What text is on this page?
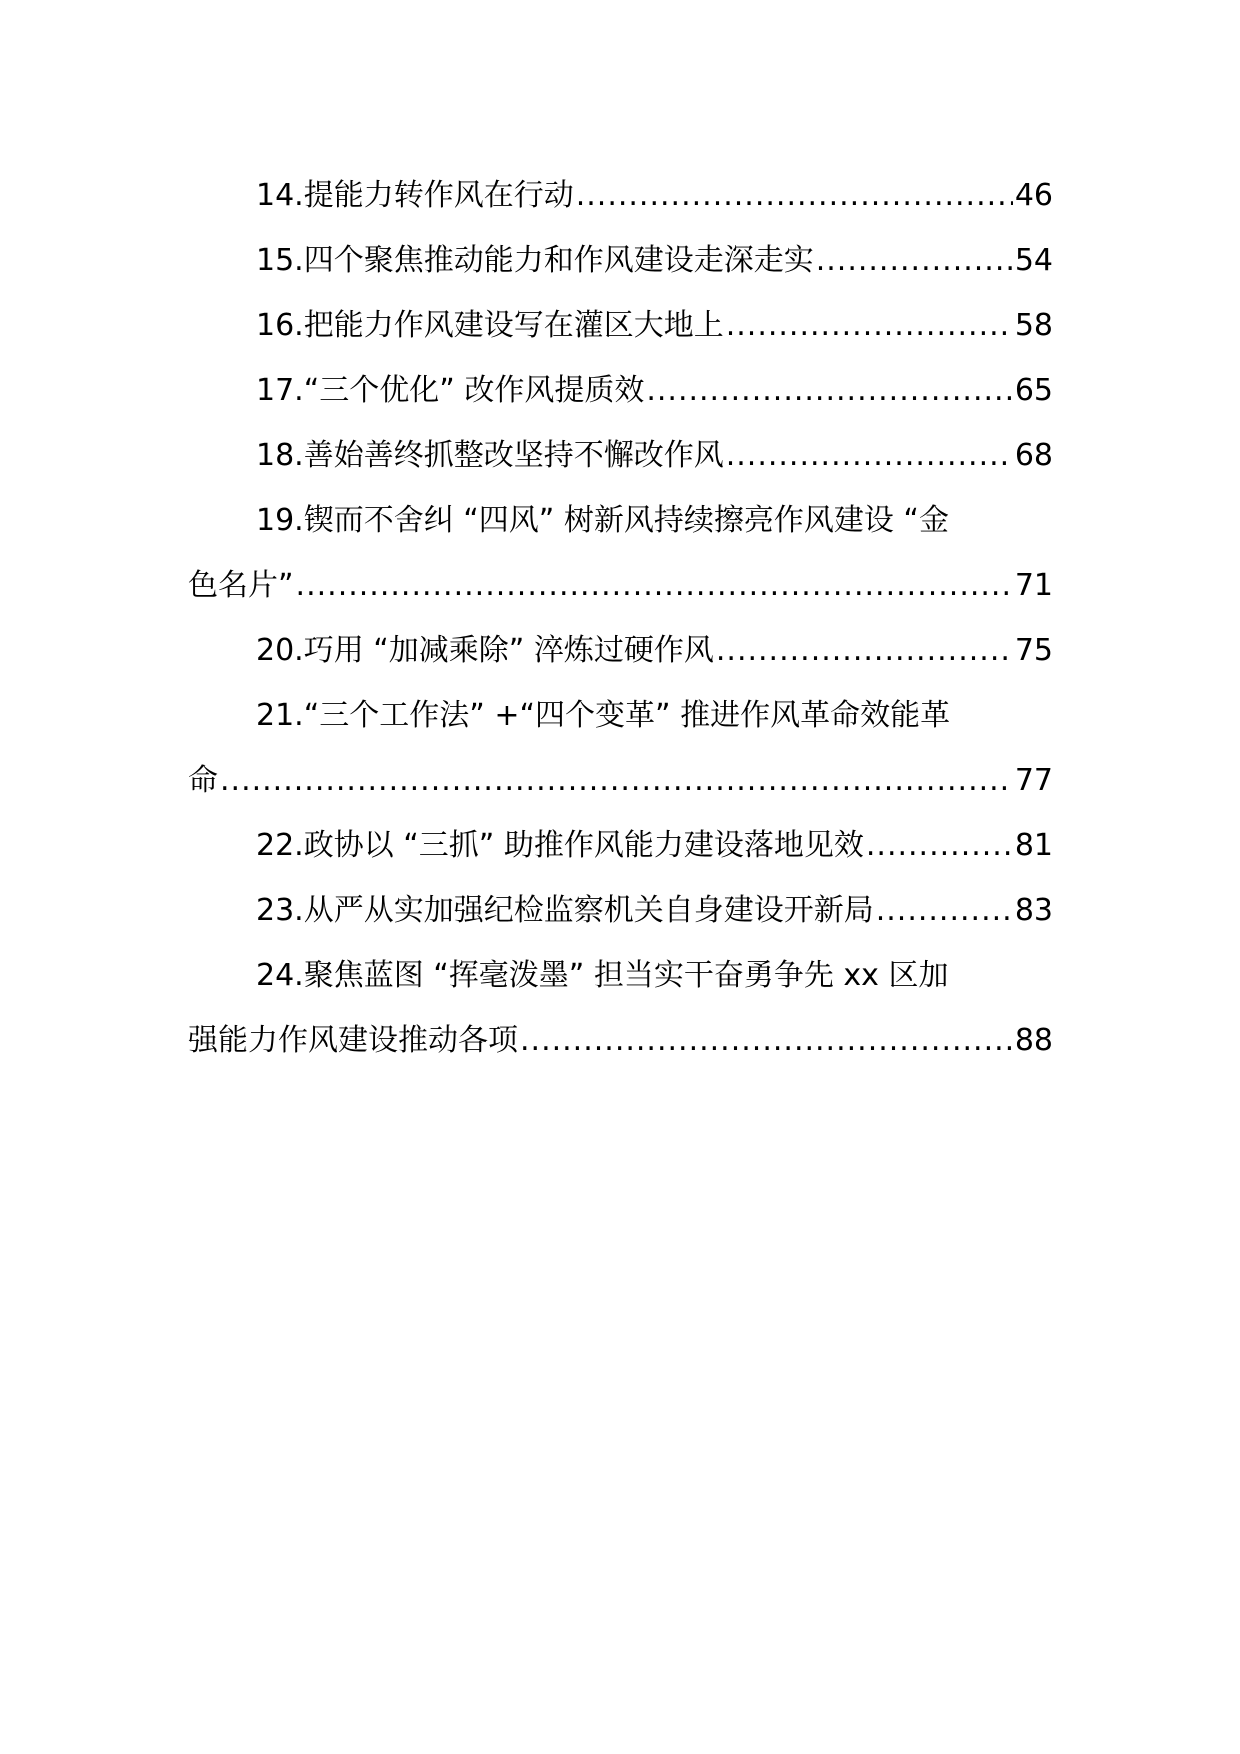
14.提能力转作风在行动 .....	46
15.四个聚焦推动能力和作风建设走深走实 .....	54
16.把能力作风建设写在灌区大地上 .....	58
17.“三个优化” 改作风提质效 .....	65
18.善始善终抓整改坚持不懈改作风 .....	68
19.锲而不舍纠 “四风” 树新风持续擦亮作风建设 “金
色名片” .....	71
20.巧用 “加减乘除” 淬炼过硬作风 .....	75
21.“三个工作法” +“四个变革” 推进作风革命效能革
命 .....	77
22.政协以 “三抓” 助推作风能力建设落地见效 .....	81
23.从严从实加强纪检监察机关自身建设开新局 .....	83
24.聚焦蓝图 “挥毫泼墨” 担当实干奋勇争先 xx 区加
强能力作风建设推动各项 .....	88
